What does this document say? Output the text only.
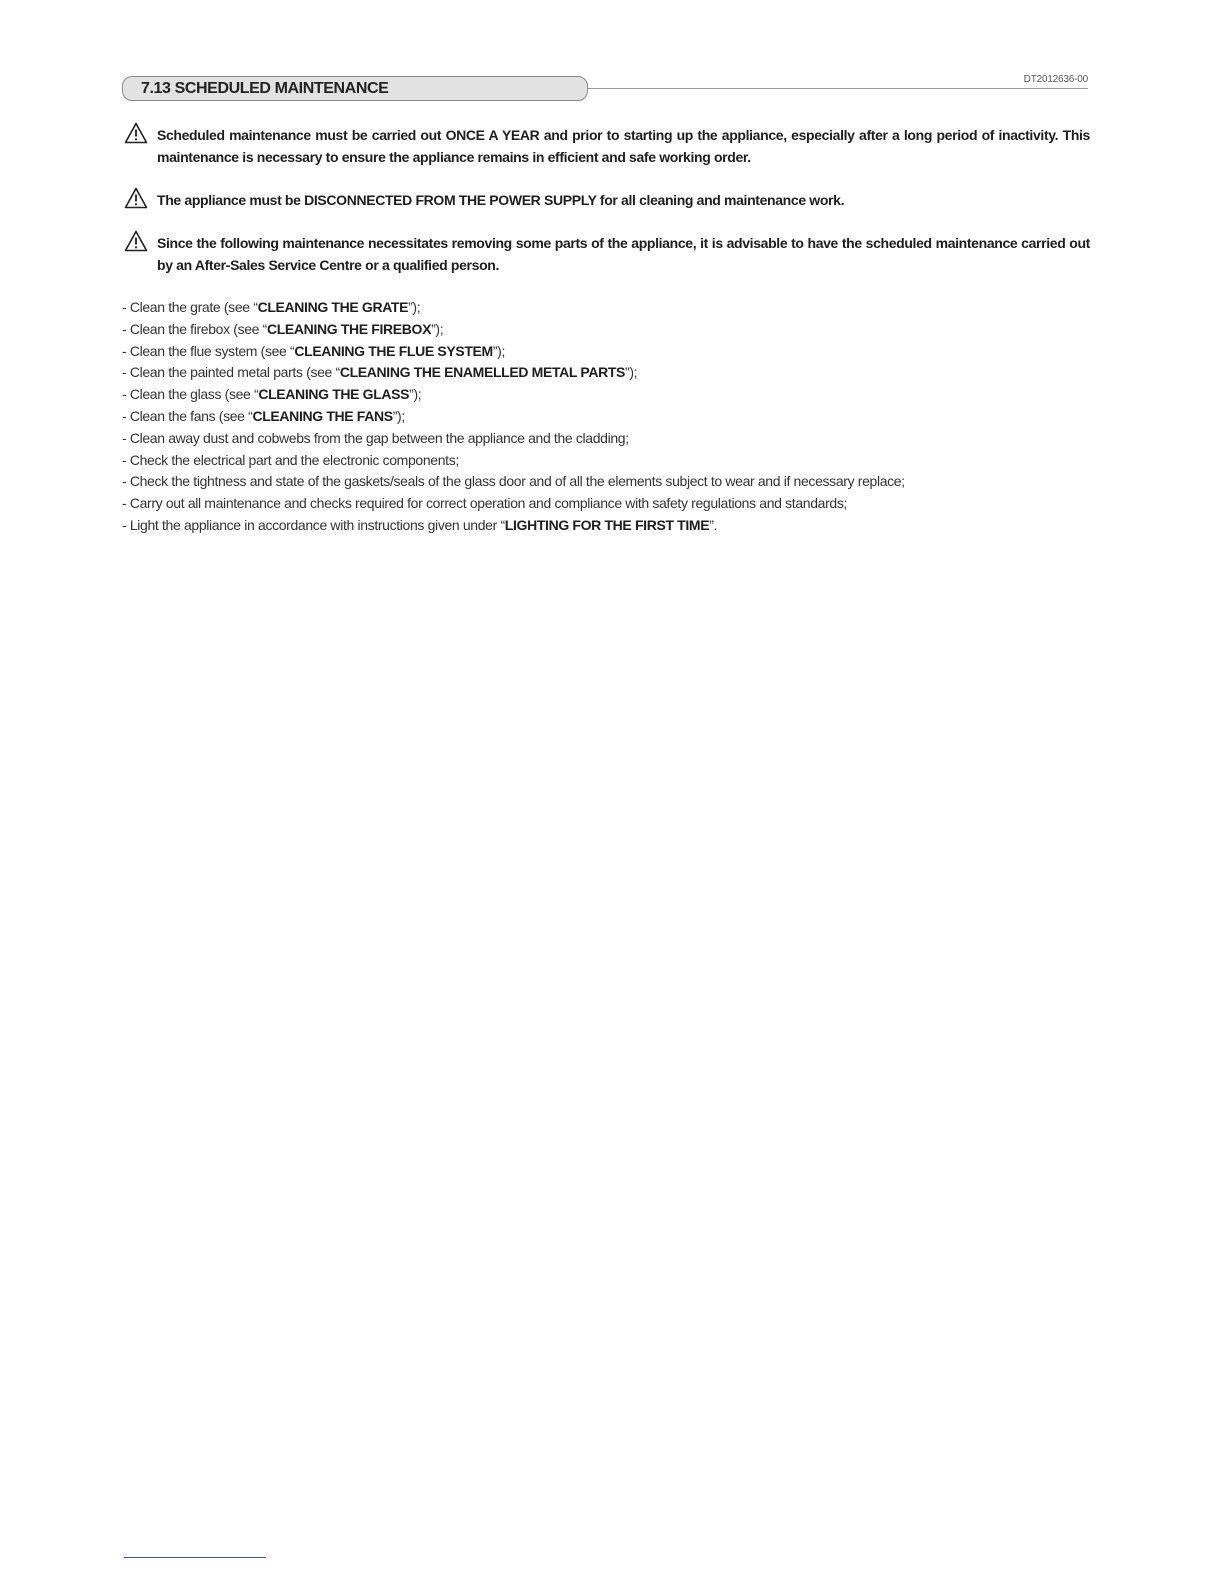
7.13 SCHEDULED MAINTENANCE
DT2012636-00
Scheduled maintenance must be carried out ONCE A YEAR and prior to starting up the appliance, especially after a long period of inactivity. This maintenance is necessary to ensure the appliance remains in efficient and safe working order.
The appliance must be DISCONNECTED FROM THE POWER SUPPLY for all cleaning and maintenance work.
Since the following maintenance necessitates removing some parts of the appliance, it is advisable to have the scheduled maintenance carried out by an After-Sales Service Centre or a qualified person.
- Clean the grate (see “CLEANING THE GRATE”);
- Clean the firebox (see “CLEANING THE FIREBOX”);
- Clean the flue system (see “CLEANING THE FLUE SYSTEM”);
- Clean the painted metal parts (see “CLEANING THE ENAMELLED METAL PARTS”);
- Clean the glass (see “CLEANING THE GLASS”);
- Clean the fans (see “CLEANING THE FANS”);
- Clean away dust and cobwebs from the gap between the appliance and the cladding;
- Check the electrical part and the electronic components;
- Check the tightness and state of the gaskets/seals of the glass door and of all the elements subject to wear and if necessary replace;
- Carry out all maintenance and checks required for correct operation and compliance with safety regulations and standards;
- Light the appliance in accordance with instructions given under “LIGHTING FOR THE FIRST TIME”.
